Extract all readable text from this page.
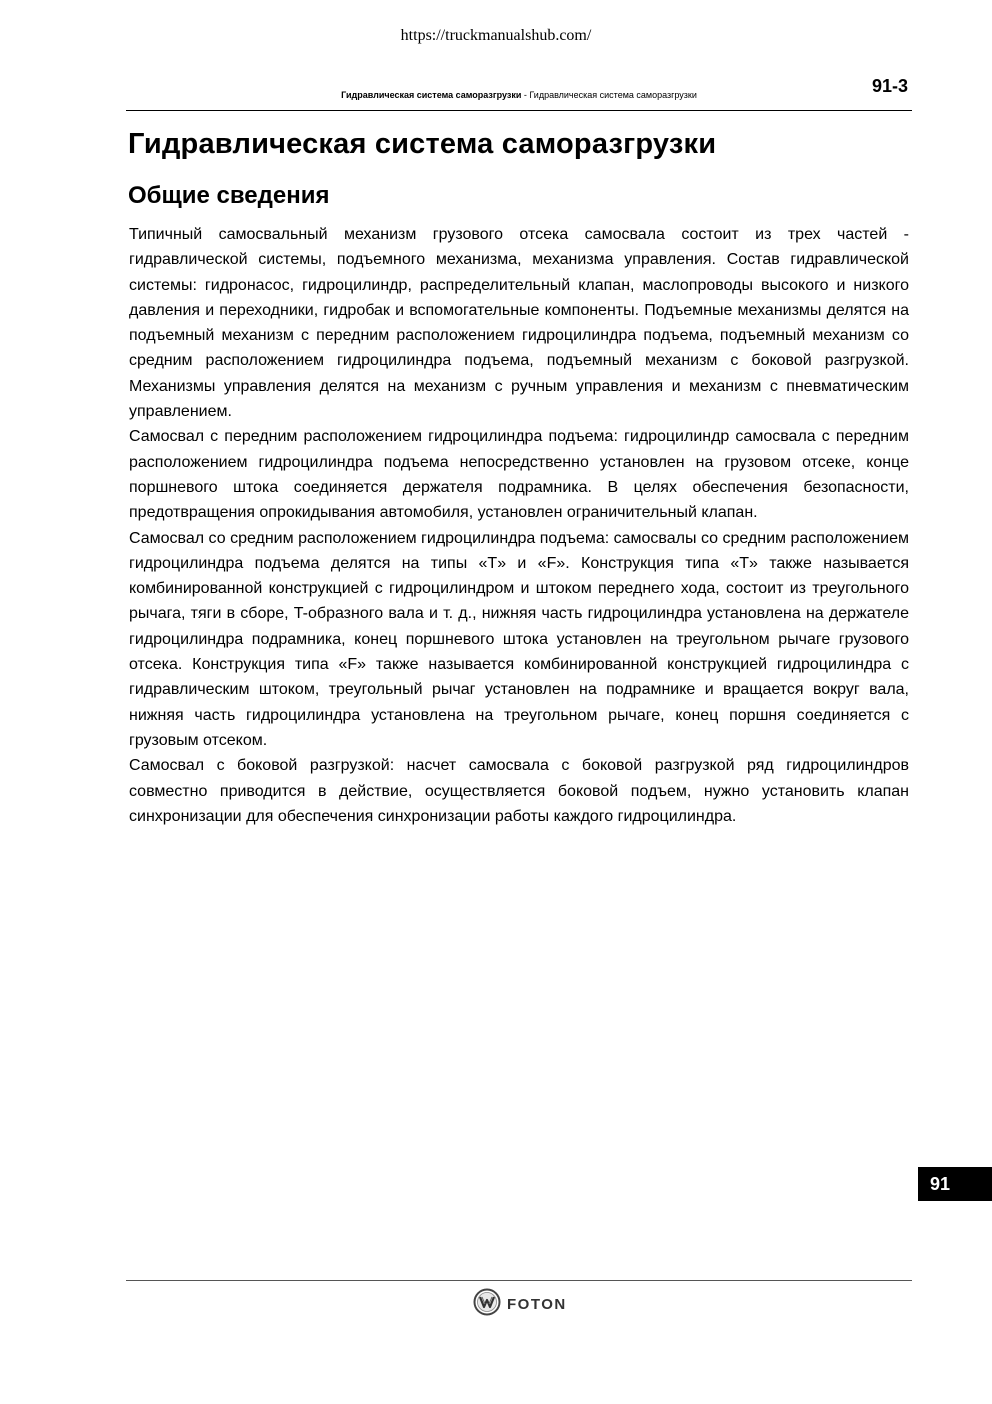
https://truckmanualshub.com/
Гидравлическая система саморазгрузки - Гидравлическая система саморазгрузки	91-3
Гидравлическая система саморазгрузки
Общие сведения

Типичный самосвальный механизм грузового отсека самосвала состоит из трех частей - гидравлической системы, подъемного механизма, механизма управления. Состав гидравлической системы: гидронасос, гидроцилиндр, распределительный клапан, маслопроводы высокого и низкого давления и переходники, гидробак и вспомогательные компоненты. Подъемные механизмы делятся на подъемный механизм с передним расположением гидроцилиндра подъема, подъемный механизм со средним расположением гидроцилиндра подъема, подъемный механизм с боковой разгрузкой. Механизмы управления делятся на механизм с ручным управления и механизм с пневматическим управлением.

Самосвал с передним расположением гидроцилиндра подъема: гидроцилиндр самосвала с передним расположением гидроцилиндра подъема непосредственно установлен на грузовом отсеке, конце поршневого штока соединяется держателя подрамника. В целях обеспечения безопасности, предотвращения опрокидывания автомобиля, установлен ограничительный клапан.

Самосвал со средним расположением гидроцилиндра подъема: самосвалы со средним расположением гидроцилиндра подъема делятся на типы «T» и «F». Конструкция типа «T» также называется комбинированной конструкцией с гидроцилиндром и штоком переднего хода, состоит из треугольного рычага, тяги в сборе, T-образного вала и т. д., нижняя часть гидроцилиндра установлена на держателе гидроцилиндра подрамника, конец поршневого штока установлен на треугольном рычаге грузового отсека. Конструкция типа «F» также называется комбинированной конструкцией гидроцилиндра с гидравлическим штоком, треугольный рычаг установлен на подрамнике и вращается вокруг вала, нижняя часть гидроцилиндра установлена на треугольном рычаге, конец поршня соединяется с грузовым отсеком.

Самосвал с боковой разгрузкой: насчет самосвала с боковой разгрузкой ряд гидроцилиндров совместно приводится в действие, осуществляется боковой подъем, нужно установить клапан синхронизации для обеспечения синхронизации работы каждого гидроцилиндра.

91
FOTON
